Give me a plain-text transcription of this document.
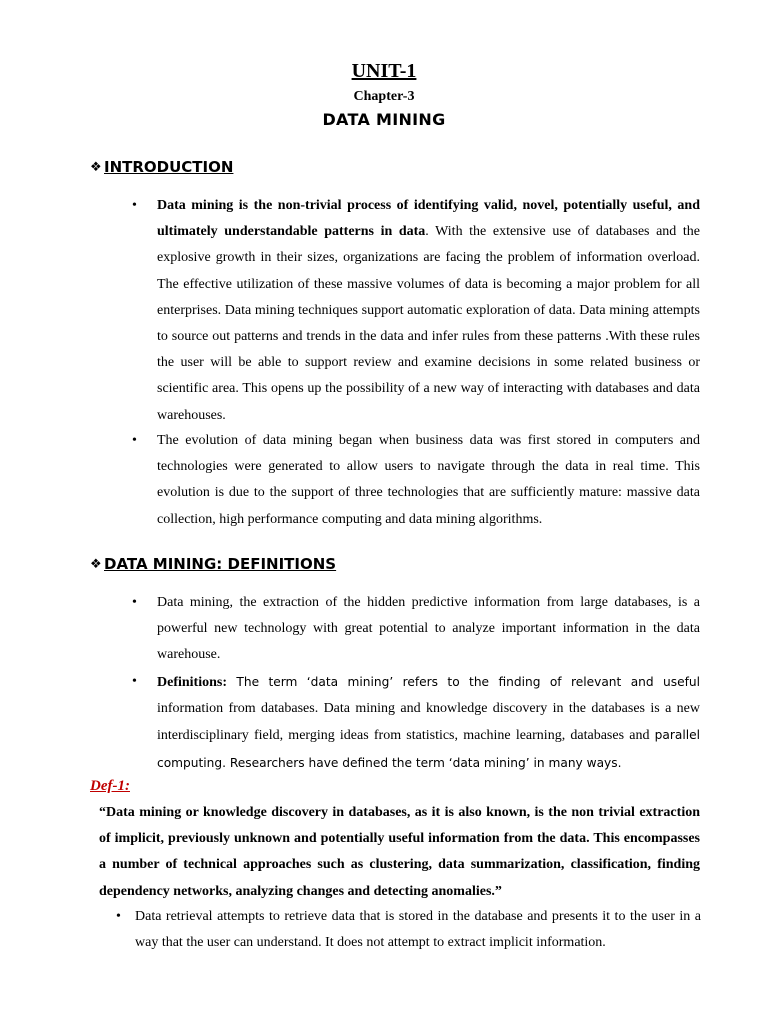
UNIT-1
Chapter-3
DATA MINING
❖ INTRODUCTION
• Data mining is the non-trivial process of identifying valid, novel, potentially useful, and ultimately understandable patterns in data. With the extensive use of databases and the explosive growth in their sizes, organizations are facing the problem of information overload. The effective utilization of these massive volumes of data is becoming a major problem for all enterprises. Data mining techniques support automatic exploration of data. Data mining attempts to source out patterns and trends in the data and infer rules from these patterns .With these rules the user will be able to support review and examine decisions in some related business or scientific area. This opens up the possibility of a new way of interacting with databases and data warehouses.
• The evolution of data mining began when business data was first stored in computers and technologies were generated to allow users to navigate through the data in real time. This evolution is due to the support of three technologies that are sufficiently mature: massive data collection, high performance computing and data mining algorithms.
❖ DATA MINING: DEFINITIONS
• Data mining, the extraction of the hidden predictive information from large databases, is a powerful new technology with great potential to analyze important information in the data warehouse.
• Definitions: The term ‘data mining’ refers to the finding of relevant and useful information from databases. Data mining and knowledge discovery in the databases is a new interdisciplinary field, merging ideas from statistics, machine learning, databases and parallel computing. Researchers have defined the term ‘data mining’ in many ways.
Def-1:
“Data mining or knowledge discovery in databases, as it is also known, is the non trivial extraction of implicit, previously unknown and potentially useful information from the data. This encompasses a number of technical approaches such as clustering, data summarization, classification, finding dependency networks, analyzing changes and detecting anomalies.”
• Data retrieval attempts to retrieve data that is stored in the database and presents it to the user in a way that the user can understand. It does not attempt to extract implicit information.
